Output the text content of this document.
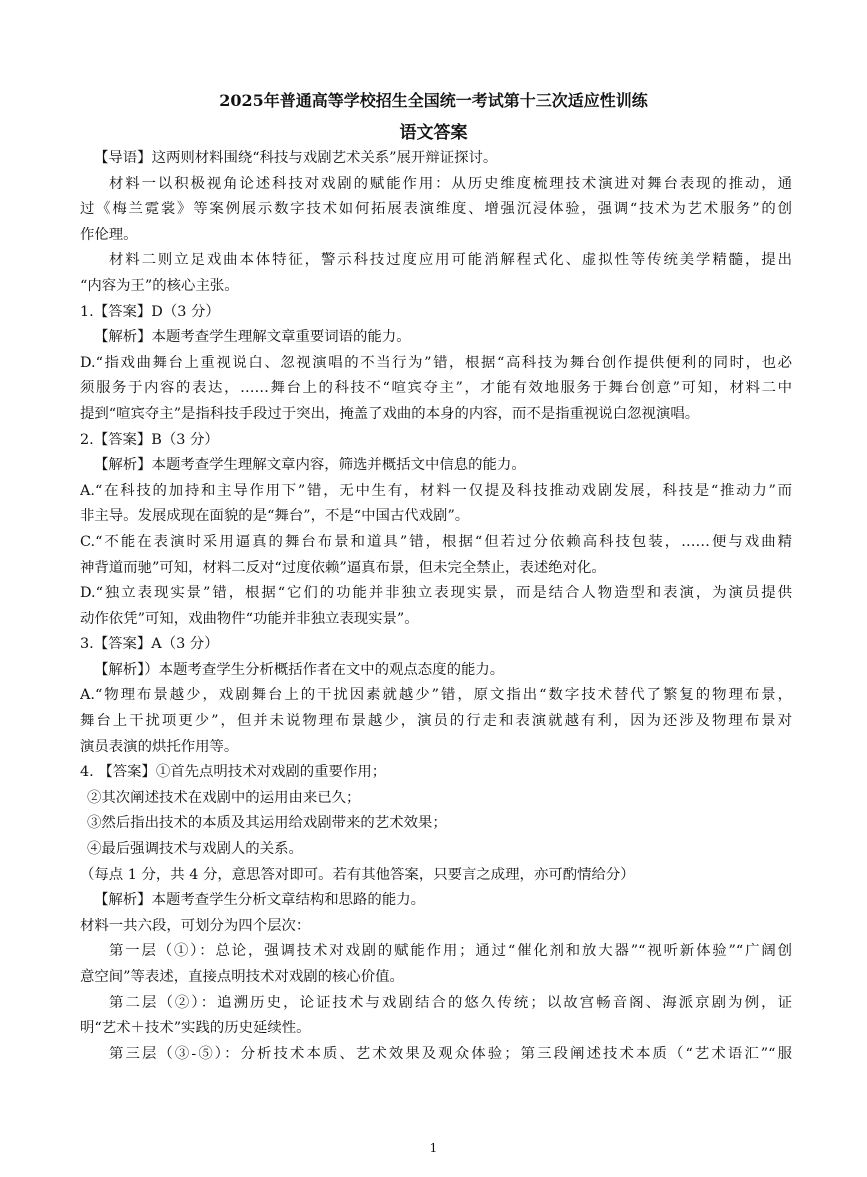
2025年普通高等学校招生全国统一考试第十三次适应性训练
语文答案
【导语】这两则材料围绕“科技与戏剧艺术关系”展开辩证探讨。
材料一以积极视角论述科技对戏剧的赋能作用：从历史维度梳理技术演进对舞台表现的推动，通
过《梅兰霓裳》等案例展示数字技术如何拓展表演维度、增强沉浸体验，强调“技术为艺术服务”的创
作伦理。
材料二则立足戏曲本体特征，警示科技过度应用可能消解程式化、虚拟性等传统美学精髓，提出
“内容为王”的核心主张。
1.【答案】D（3 分）
【解析】本题考查学生理解文章重要词语的能力。
D.“指戏曲舞台上重视说白、忽视演唱的不当行为”错，根据“高科技为舞台创作提供便利的同时，也必
须服务于内容的表达，……舞台上的科技不“喧宾夺主”，才能有效地服务于舞台创意”可知，材料二中
提到“喧宾夺主”是指科技手段过于突出，掩盖了戏曲的本身的内容，而不是指重视说白忽视演唱。
2.【答案】B（3 分）
【解析】本题考查学生理解文章内容，筛选并概括文中信息的能力。
A.“在科技的加持和主导作用下”错，无中生有，材料一仅提及科技推动戏剧发展，科技是“推动力”而
非主导。发展成现在面貌的是“舞台”，不是“中国古代戏剧”。
C.“不能在表演时采用逼真的舞台布景和道具”错，根据“但若过分依赖高科技包装，……便与戏曲精
神背道而驰”可知，材料二反对“过度依赖”逼真布景，但未完全禁止，表述绝对化。
D.“独立表现实景”错，根据“它们的功能并非独立表现实景，而是结合人物造型和表演，为演员提供
动作依凭”可知，戏曲物件“功能并非独立表现实景”。
3.【答案】A（3 分）
【解析】）本题考查学生分析概括作者在文中的观点态度的能力。
A.“物理布景越少，戏剧舞台上的干扰因素就越少”错，原文指出“数字技术替代了繁复的物理布景，
舞台上干扰项更少”，但并未说物理布景越少，演员的行走和表演就越有利，因为还涉及物理布景对
演员表演的烘托作用等。
4. 【答案】①首先点明技术对戏剧的重要作用；
②其次阐述技术在戏剧中的运用由来已久；
③然后指出技术的本质及其运用给戏剧带来的艺术效果；
④最后强调技术与戏剧人的关系。
（每点 1 分，共 4 分，意思答对即可。若有其他答案，只要言之成理，亦可酌情给分）
【解析】本题考查学生分析文章结构和思路的能力。
材料一共六段，可划分为四个层次：
第一层（①）：总论，强调技术对戏剧的赋能作用；通过“催化剂和放大器”“视听新体验”“广阔创
意空间”等表述，直接点明技术对戏剧的核心价值。
第二层（②）：追溯历史，论证技术与戏剧结合的悠久传统；以故宫畅音阁、海派京剧为例，证
明“艺术＋技术”实践的历史延续性。
第三层（③-⑤）：分析技术本质、艺术效果及观众体验；第三段阐述技术本质（“艺术语汇”“服
1
